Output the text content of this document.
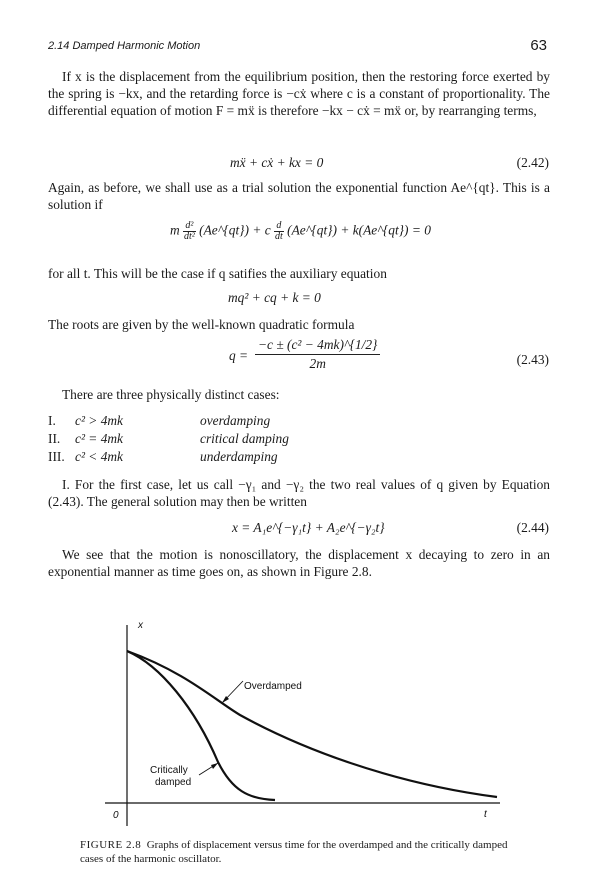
2.14 Damped Harmonic Motion	63
If x is the displacement from the equilibrium position, then the restoring force exerted by the spring is −kx, and the retarding force is −cẋ where c is a constant of proportionality. The differential equation of motion F = mẍ is therefore −kx − cẋ = mẍ or, by rearranging terms,
mẍ + cẋ + kx = 0	(2.42)
Again, as before, we shall use as a trial solution the exponential function Ae^{qt}. This is a solution if
m $\frac{\text{d²}}{\text{dt²}}$ (Ae^{qt}) + c $\frac{d}{dt}$ (Ae^{qt}) + k(Ae^{qt}) = 0
for all t. This will be the case if q satifies the auxiliary equation
mq² + cq + k = 0
The roots are given by the well-known quadratic formula
$q = \frac{\text{−c ± (c² − 4mk)\textasciicircum{}\{1/2\}}}{2m}$	(2.43)
There are three physically distinct cases:
I. c² > 4mk	overdamping
II. c² = 4mk	critical damping
III. c² < 4mk	underdamping
I. For the first case, let us call −γ₁ and −γ₂ the two real values of q given by Equation (2.43). The general solution may then be written
x = A₁e^{−γ₁t} + A₂e^{−γ₂t}	(2.44)
We see that the motion is nonoscillatory, the displacement x decaying to zero in an exponential manner as time goes on, as shown in Figure 2.8.
x
t
0
Overdamped
Critically
damped
FIGURE 2.8 Graphs of displacement versus time for the overdamped and the critically damped cases of the harmonic oscillator.
